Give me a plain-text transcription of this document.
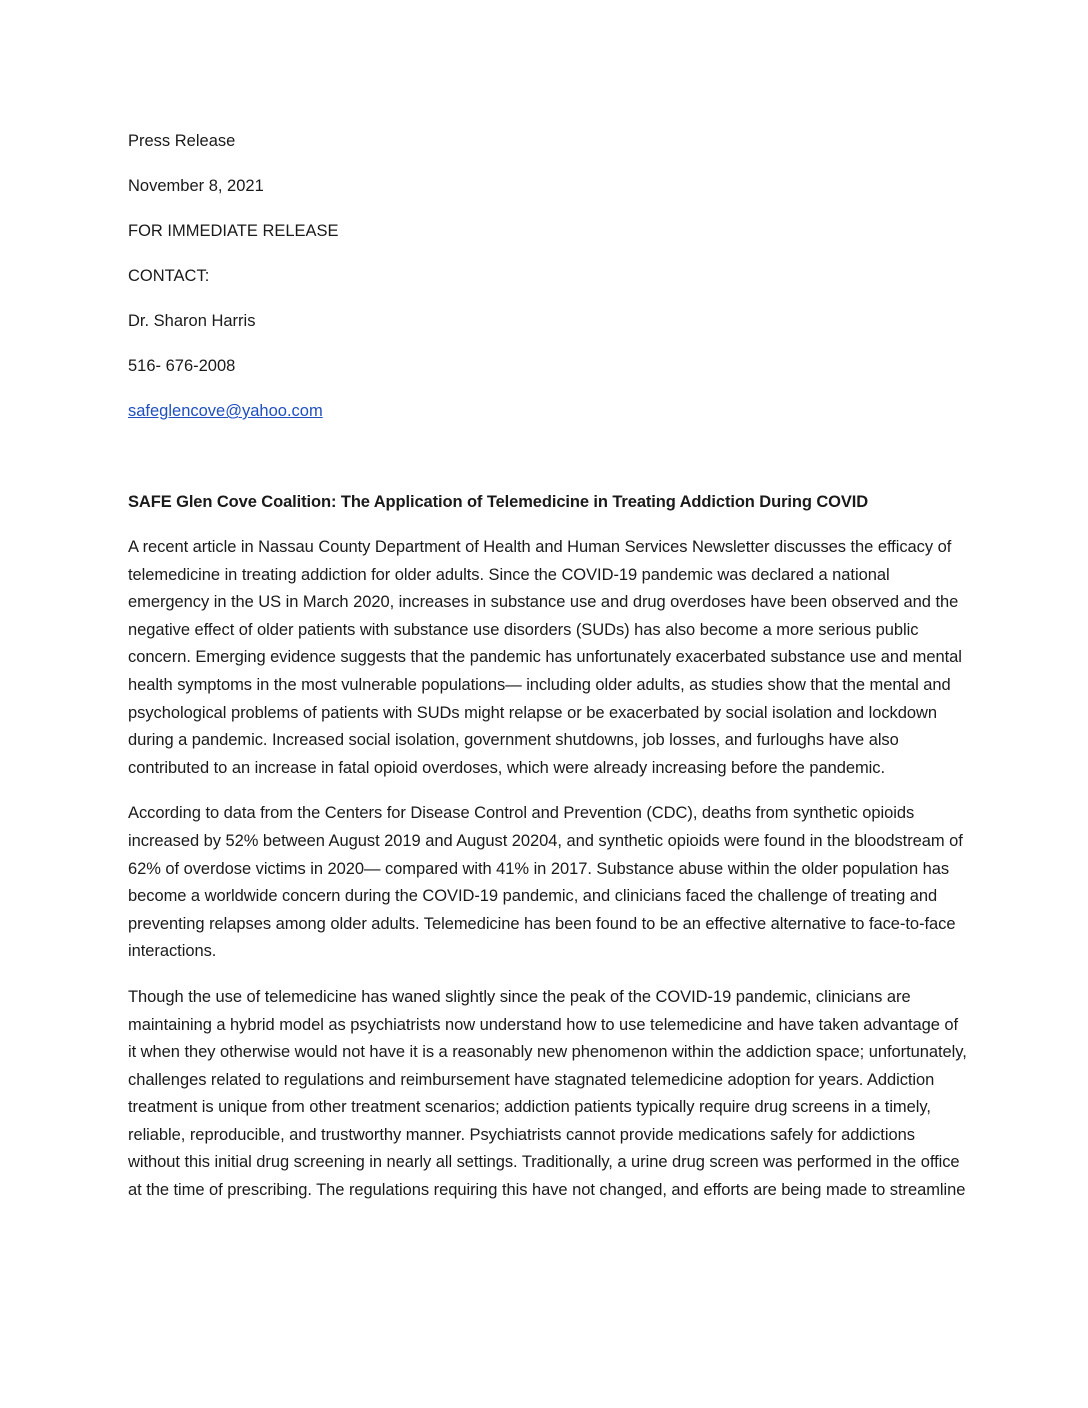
Press Release
November 8, 2021
FOR IMMEDIATE RELEASE
CONTACT:
Dr. Sharon Harris
516- 676-2008
safeglencove@yahoo.com
SAFE Glen Cove Coalition: The Application of Telemedicine in Treating Addiction During COVID

A recent article in Nassau County Department of Health and Human Services Newsletter discusses the efficacy of telemedicine in treating addiction for older adults. Since the COVID-19 pandemic was declared a national emergency in the US in March 2020, increases in substance use and drug overdoses have been observed and the negative effect of older patients with substance use disorders (SUDs) has also become a more serious public concern. Emerging evidence suggests that the pandemic has unfortunately exacerbated substance use and mental health symptoms in the most vulnerable populations— including older adults, as studies show that the mental and psychological problems of patients with SUDs might relapse or be exacerbated by social isolation and lockdown during a pandemic. Increased social isolation, government shutdowns, job losses, and furloughs have also contributed to an increase in fatal opioid overdoses, which were already increasing before the pandemic.

According to data from the Centers for Disease Control and Prevention (CDC), deaths from synthetic opioids increased by 52% between August 2019 and August 20204, and synthetic opioids were found in the bloodstream of 62% of overdose victims in 2020— compared with 41% in 2017. Substance abuse within the older population has become a worldwide concern during the COVID-19 pandemic, and clinicians faced the challenge of treating and preventing relapses among older adults. Telemedicine has been found to be an effective alternative to face-to-face interactions.

Though the use of telemedicine has waned slightly since the peak of the COVID-19 pandemic, clinicians are maintaining a hybrid model as psychiatrists now understand how to use telemedicine and have taken advantage of it when they otherwise would not have it is a reasonably new phenomenon within the addiction space; unfortunately, challenges related to regulations and reimbursement have stagnated telemedicine adoption for years. Addiction treatment is unique from other treatment scenarios; addiction patients typically require drug screens in a timely, reliable, reproducible, and trustworthy manner. Psychiatrists cannot provide medications safely for addictions without this initial drug screening in nearly all settings. Traditionally, a urine drug screen was performed in the office at the time of prescribing. The regulations requiring this have not changed, and efforts are being made to streamline
